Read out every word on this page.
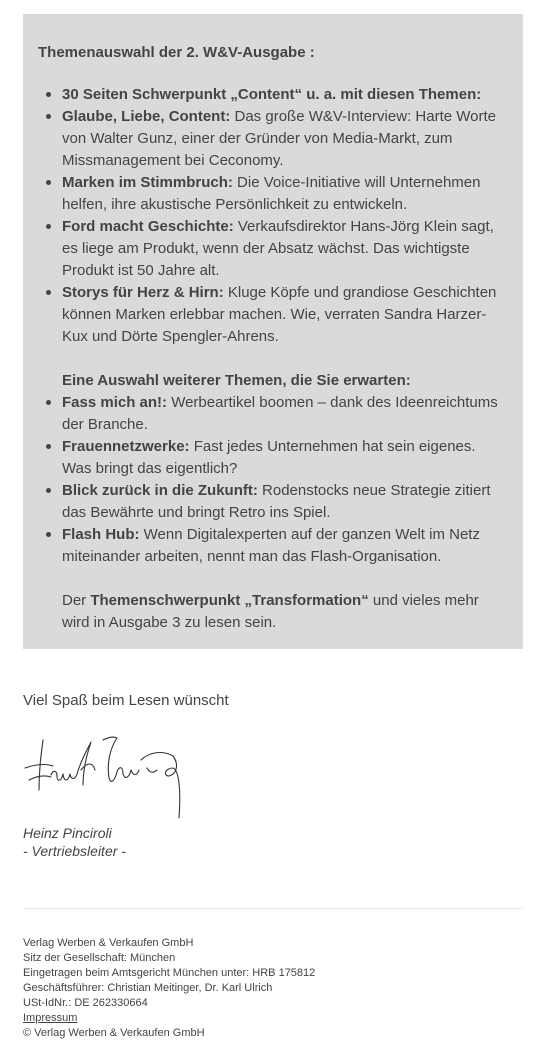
Themenauswahl der 2. W&V-Ausgabe :
30 Seiten Schwerpunkt „Content“ u. a. mit diesen Themen:
Glaube, Liebe, Content: Das große W&V-Interview: Harte Worte von Walter Gunz, einer der Gründer von Media-Markt, zum Missmanagement bei Ceconomy.
Marken im Stimmbruch: Die Voice-Initiative will Unternehmen helfen, ihre akustische Persönlichkeit zu entwickeln.
Ford macht Geschichte: Verkaufsdirektor Hans-Jörg Klein sagt, es liege am Produkt, wenn der Absatz wächst. Das wichtigste Produkt ist 50 Jahre alt.
Storys für Herz & Hirn: Kluge Köpfe und grandiose Geschichten können Marken erlebbar machen. Wie, verraten Sandra Harzer-Kux und Dörte Spengler-Ahrens.
Eine Auswahl weiterer Themen, die Sie erwarten:
Fass mich an!: Werbeartikel boomen – dank des Ideenreichtums der Branche.
Frauennetzwerke: Fast jedes Unternehmen hat sein eigenes. Was bringt das eigentlich?
Blick zurück in die Zukunft: Rodenstocks neue Strategie zitiert das Bewährte und bringt Retro ins Spiel.
Flash Hub: Wenn Digitalexperten auf der ganzen Welt im Netz miteinander arbeiten, nennt man das Flash-Organisation.
Der Themenschwerpunkt „Transformation“ und vieles mehr wird in Ausgabe 3 zu lesen sein.
Viel Spaß beim Lesen wünscht
Heinz Pinciroli
- Vertriebsleiter -
Verlag Werben & Verkaufen GmbH
Sitz der Gesellschaft: München
Eingetragen beim Amtsgericht München unter: HRB 175812
Geschäftsführer: Christian Meitinger, Dr. Karl Ulrich
USt-IdNr.: DE 262330664
Impressum
© Verlag Werben & Verkaufen GmbH
